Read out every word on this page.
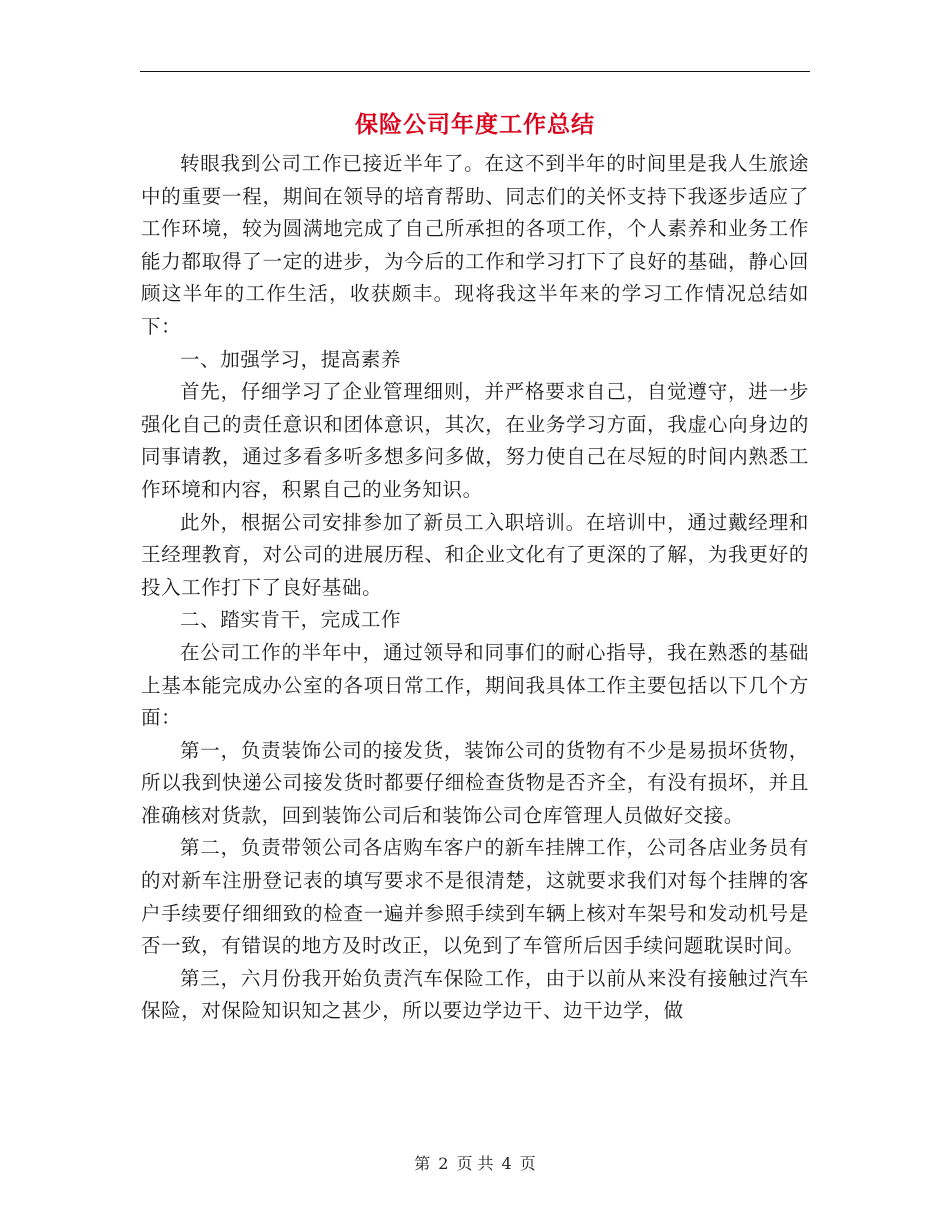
保险公司年度工作总结

转眼我到公司工作已接近半年了。在这不到半年的时间里是我人生旅途中的重要一程，期间在领导的培育帮助、同志们的关怀支持下我逐步适应了工作环境，较为圆满地完成了自己所承担的各项工作，个人素养和业务工作能力都取得了一定的进步，为今后的工作和学习打下了良好的基础，静心回顾这半年的工作生活，收获颇丰。现将我这半年来的学习工作情况总结如下：

一、加强学习，提高素养

首先，仔细学习了企业管理细则，并严格要求自己，自觉遵守，进一步强化自己的责任意识和团体意识，其次，在业务学习方面，我虚心向身边的同事请教，通过多看多听多想多问多做，努力使自己在尽短的时间内熟悉工作环境和内容，积累自己的业务知识。

此外，根据公司安排参加了新员工入职培训。在培训中，通过戴经理和王经理教育，对公司的进展历程、和企业文化有了更深的了解，为我更好的投入工作打下了良好基础。

二、踏实肯干，完成工作

在公司工作的半年中，通过领导和同事们的耐心指导，我在熟悉的基础上基本能完成办公室的各项日常工作，期间我具体工作主要包括以下几个方面：

第一，负责装饰公司的接发货，装饰公司的货物有不少是易损坏货物，所以我到快递公司接发货时都要仔细检查货物是否齐全，有没有损坏，并且准确核对货款，回到装饰公司后和装饰公司仓库管理人员做好交接。

第二，负责带领公司各店购车客户的新车挂牌工作，公司各店业务员有的对新车注册登记表的填写要求不是很清楚，这就要求我们对每个挂牌的客户手续要仔细细致的检查一遍并参照手续到车辆上核对车架号和发动机号是否一致，有错误的地方及时改正，以免到了车管所后因手续问题耽误时间。

第三，六月份我开始负责汽车保险工作，由于以前从来没有接触过汽车保险，对保险知识知之甚少，所以要边学边干、边干边学，做

第 2 页 共 4 页
